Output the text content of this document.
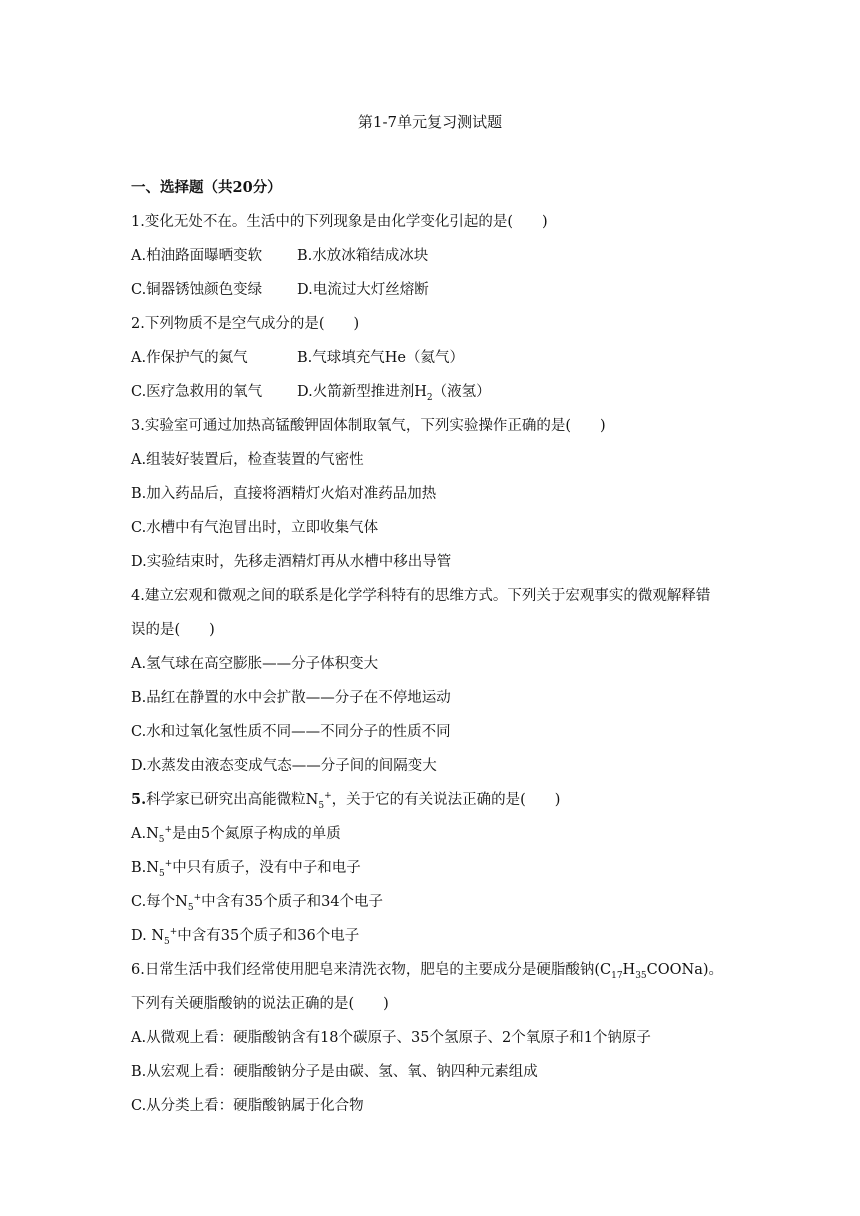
第1-7单元复习测试题
一、选择题（共20分）
1.变化无处不在。生活中的下列现象是由化学变化引起的是(　　)
A.柏油路面曝晒变软 B.水放冰箱结成冰块
C.铜器锈蚀颜色变绿 D.电流过大灯丝熔断
2.下列物质不是空气成分的是(　　)
A.作保护气的氮气	B.气球填充气He（氦气）
C.医疗急救用的氧气 D.火箭新型推进剂$H_2$（液氢）
3.实验室可通过加热高锰酸钾固体制取氧气，下列实验操作正确的是(　　)
A.组装好装置后，检查装置的气密性
B.加入药品后，直接将酒精灯火焰对准药品加热
C.水槽中有气泡冒出时，立即收集气体
D.实验结束时，先移走酒精灯再从水槽中移出导管
4.建立宏观和微观之间的联系是化学学科特有的思维方式。下列关于宏观事实的微观解释错
误的是(　　)
A.氢气球在高空膨胀——分子体积变大
B.品红在静置的水中会扩散——分子在不停地运动
C.水和过氧化氢性质不同——不同分子的性质不同
D.水蒸发由液态变成气态——分子间的间隔变大
5.科学家已研究出高能微粒$N_5^+$，关于它的有关说法正确的是(　　)
$A.N_5^+$是由5个氮原子构成的单质
$B.N_5^+$中只有质子，没有中子和电子
C.每个$N_5^+$中含有35个质子和34个电子
D. $N_5^+$中含有35个质子和36个电子
6.日常生活中我们经常使用肥皂来清洗衣物，肥皂的主要成分是硬脂酸钠$(C_{17}H_{35}COONa)$。
下列有关硬脂酸钠的说法正确的是(　　)
A.从微观上看：硬脂酸钠含有18个碳原子、35个氢原子、2个氧原子和1个钠原子
B.从宏观上看：硬脂酸钠分子是由碳、氢、氧、钠四种元素组成
C.从分类上看：硬脂酸钠属于化合物
